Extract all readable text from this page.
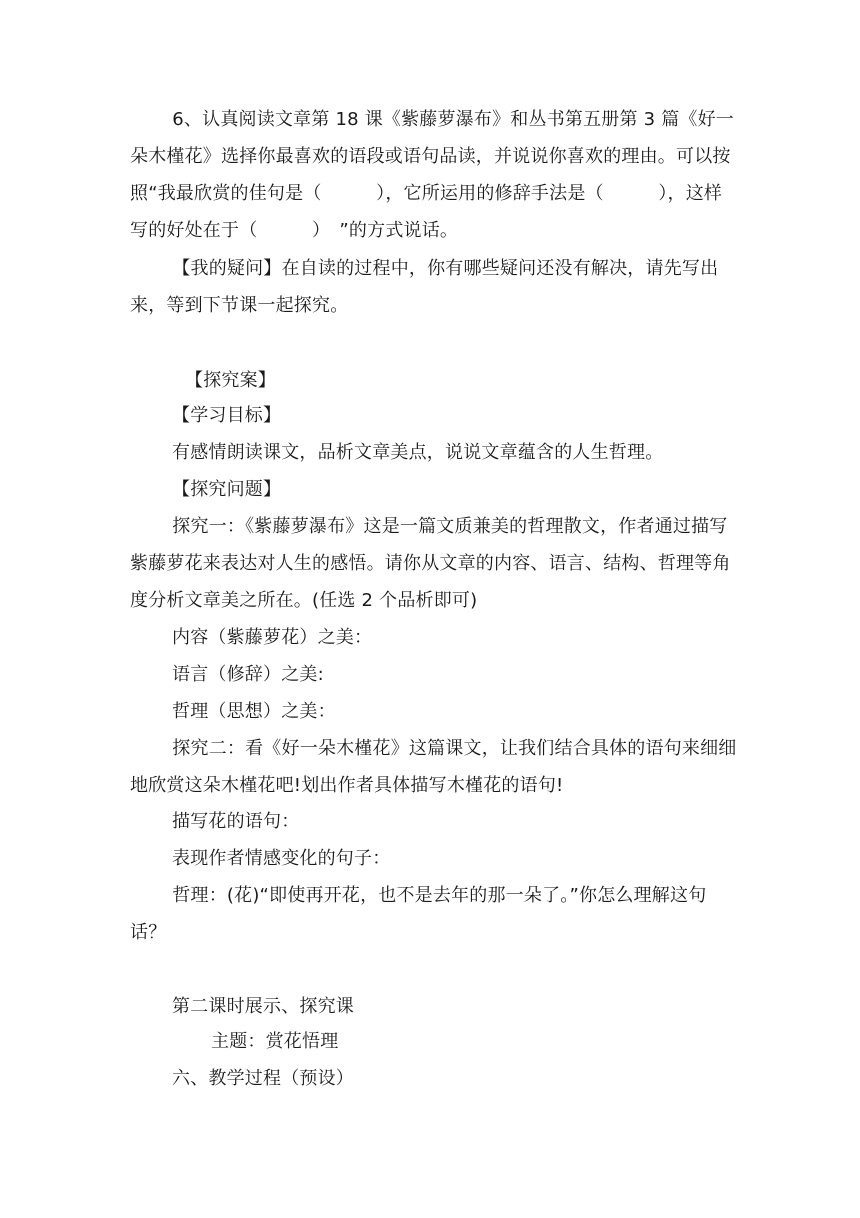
6、认真阅读文章第 18 课《紫藤萝瀑布》和丛书第五册第 3 篇《好一朵木槿花》选择你最喜欢的语段或语句品读，并说说你喜欢的理由。可以按照“我最欣赏的佳句是（　　　），它所运用的修辞手法是（　　　），这样写的好处在于（　　　）　”的方式说话。
【我的疑问】在自读的过程中，你有哪些疑问还没有解决，请先写出来，等到下节课一起探究。
【探究案】
【学习目标】
有感情朗读课文，品析文章美点，说说文章蕴含的人生哲理。
【探究问题】
探究一：《紫藤萝瀑布》这是一篇文质兼美的哲理散文，作者通过描写紫藤萝花来表达对人生的感悟。请你从文章的内容、语言、结构、哲理等角度分析文章美之所在。(任选 2 个品析即可)
内容（紫藤萝花）之美：
语言（修辞）之美:
哲理（思想）之美：
探究二：看《好一朵木槿花》这篇课文，让我们结合具体的语句来细细地欣赏这朵木槿花吧!划出作者具体描写木槿花的语句!
描写花的语句：
表现作者情感变化的句子：
哲理：(花)“即使再开花，也不是去年的那一朵了。”你怎么理解这句话？
第二课时展示、探究课
主题：赏花悟理
六、教学过程（预设）
